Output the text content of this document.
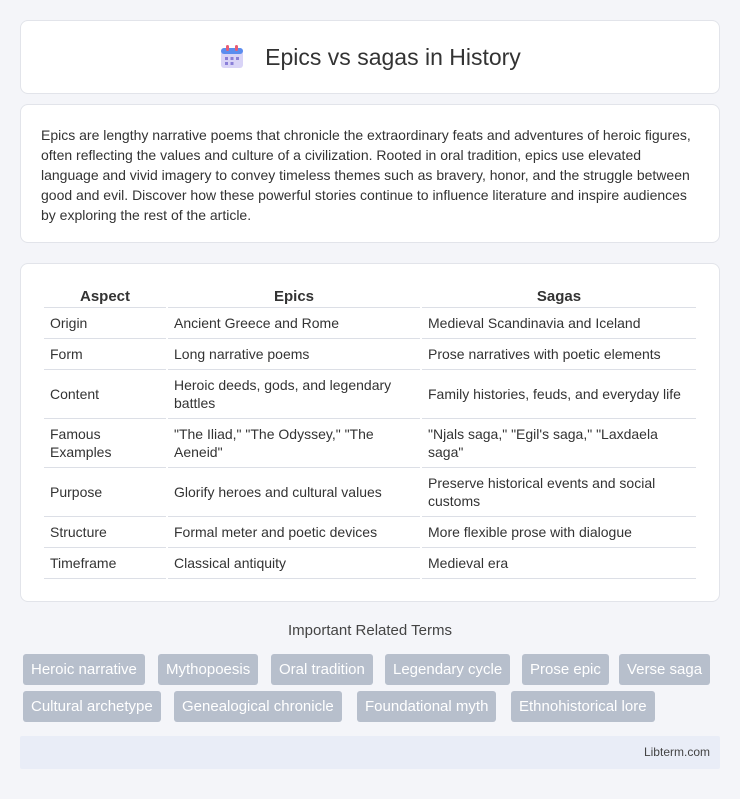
Epics vs sagas in History

Epics are lengthy narrative poems that chronicle the extraordinary feats and adventures of heroic figures, often reflecting the values and culture of a civilization. Rooted in oral tradition, epics use elevated language and vivid imagery to convey timeless themes such as bravery, honor, and the struggle between good and evil. Discover how these powerful stories continue to influence literature and inspire audiences by exploring the rest of the article.

Aspect	Epics	Sagas
Origin	Ancient Greece and Rome	Medieval Scandinavia and Iceland
Form	Long narrative poems	Prose narratives with poetic elements
Content	Heroic deeds, gods, and legendary battles	Family histories, feuds, and everyday life
Famous Examples	"The Iliad," "The Odyssey," "The Aeneid"	"Njals saga," "Egil's saga," "Laxdaela saga"
Purpose	Glorify heroes and cultural values	Preserve historical events and social customs
Structure	Formal meter and poetic devices	More flexible prose with dialogue
Timeframe	Classical antiquity	Medieval era
Important Related Terms
Heroic narrative	Mythopoesis	Oral tradition	Legendary cycle	Prose epic	Verse saga
Cultural archetype	Genealogical chronicle	Foundational myth	Ethnohistorical lore
Libterm.com
